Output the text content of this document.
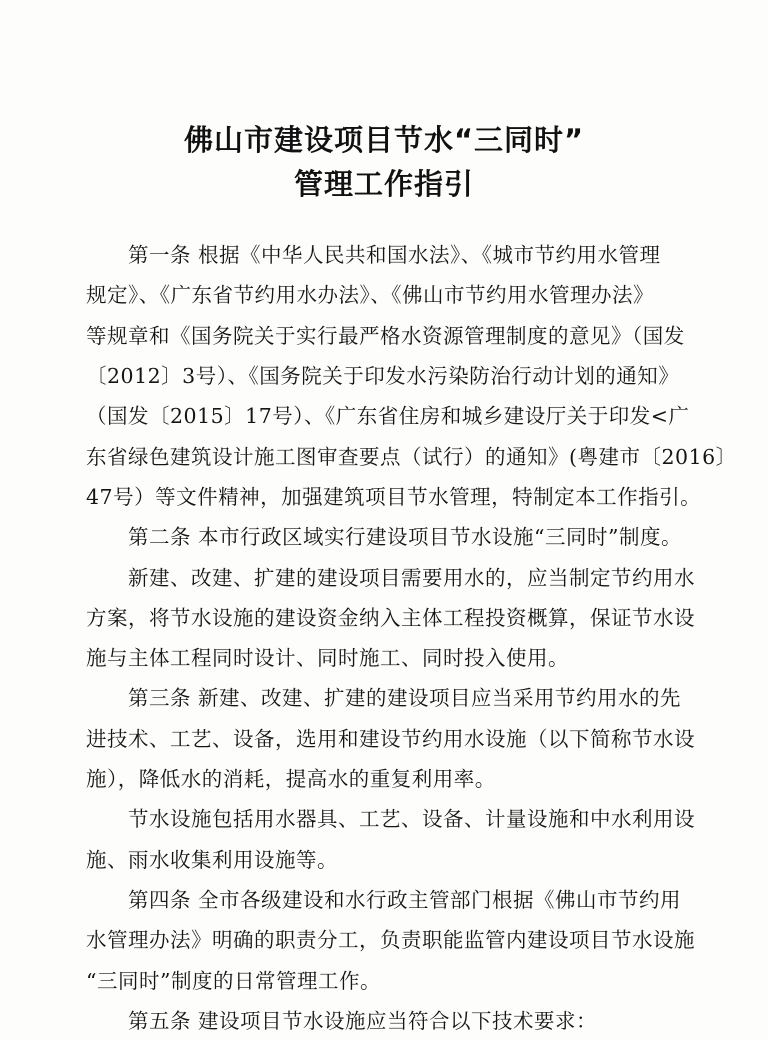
佛山市建设项目节水“三同时”
管理工作指引
　　第一条 根据《中华人民共和国水法》、《城市节约用水管理
规定》、《广东省节约用水办法》、《佛山市节约用水管理办法》
等规章和《国务院关于实行最严格水资源管理制度的意见》（国发
〔2012〕3号）、《国务院关于印发水污染防治行动计划的通知》
（国发〔2015〕17号）、《广东省住房和城乡建设厅关于印发<广
东省绿色建筑设计施工图审查要点（试行）的通知》(粤建市〔2016〕
47号）等文件精神，加强建筑项目节水管理，特制定本工作指引。
　　第二条 本市行政区域实行建设项目节水设施“三同时”制度。
　　新建、改建、扩建的建设项目需要用水的，应当制定节约用水
方案，将节水设施的建设资金纳入主体工程投资概算，保证节水设
施与主体工程同时设计、同时施工、同时投入使用。
　　第三条 新建、改建、扩建的建设项目应当采用节约用水的先
进技术、工艺、设备，选用和建设节约用水设施（以下简称节水设
施），降低水的消耗，提高水的重复利用率。
　　节水设施包括用水器具、工艺、设备、计量设施和中水利用设
施、雨水收集利用设施等。
　　第四条 全市各级建设和水行政主管部门根据《佛山市节约用
水管理办法》明确的职责分工，负责职能监管内建设项目节水设施
“三同时”制度的日常管理工作。
　　第五条 建设项目节水设施应当符合以下技术要求：
